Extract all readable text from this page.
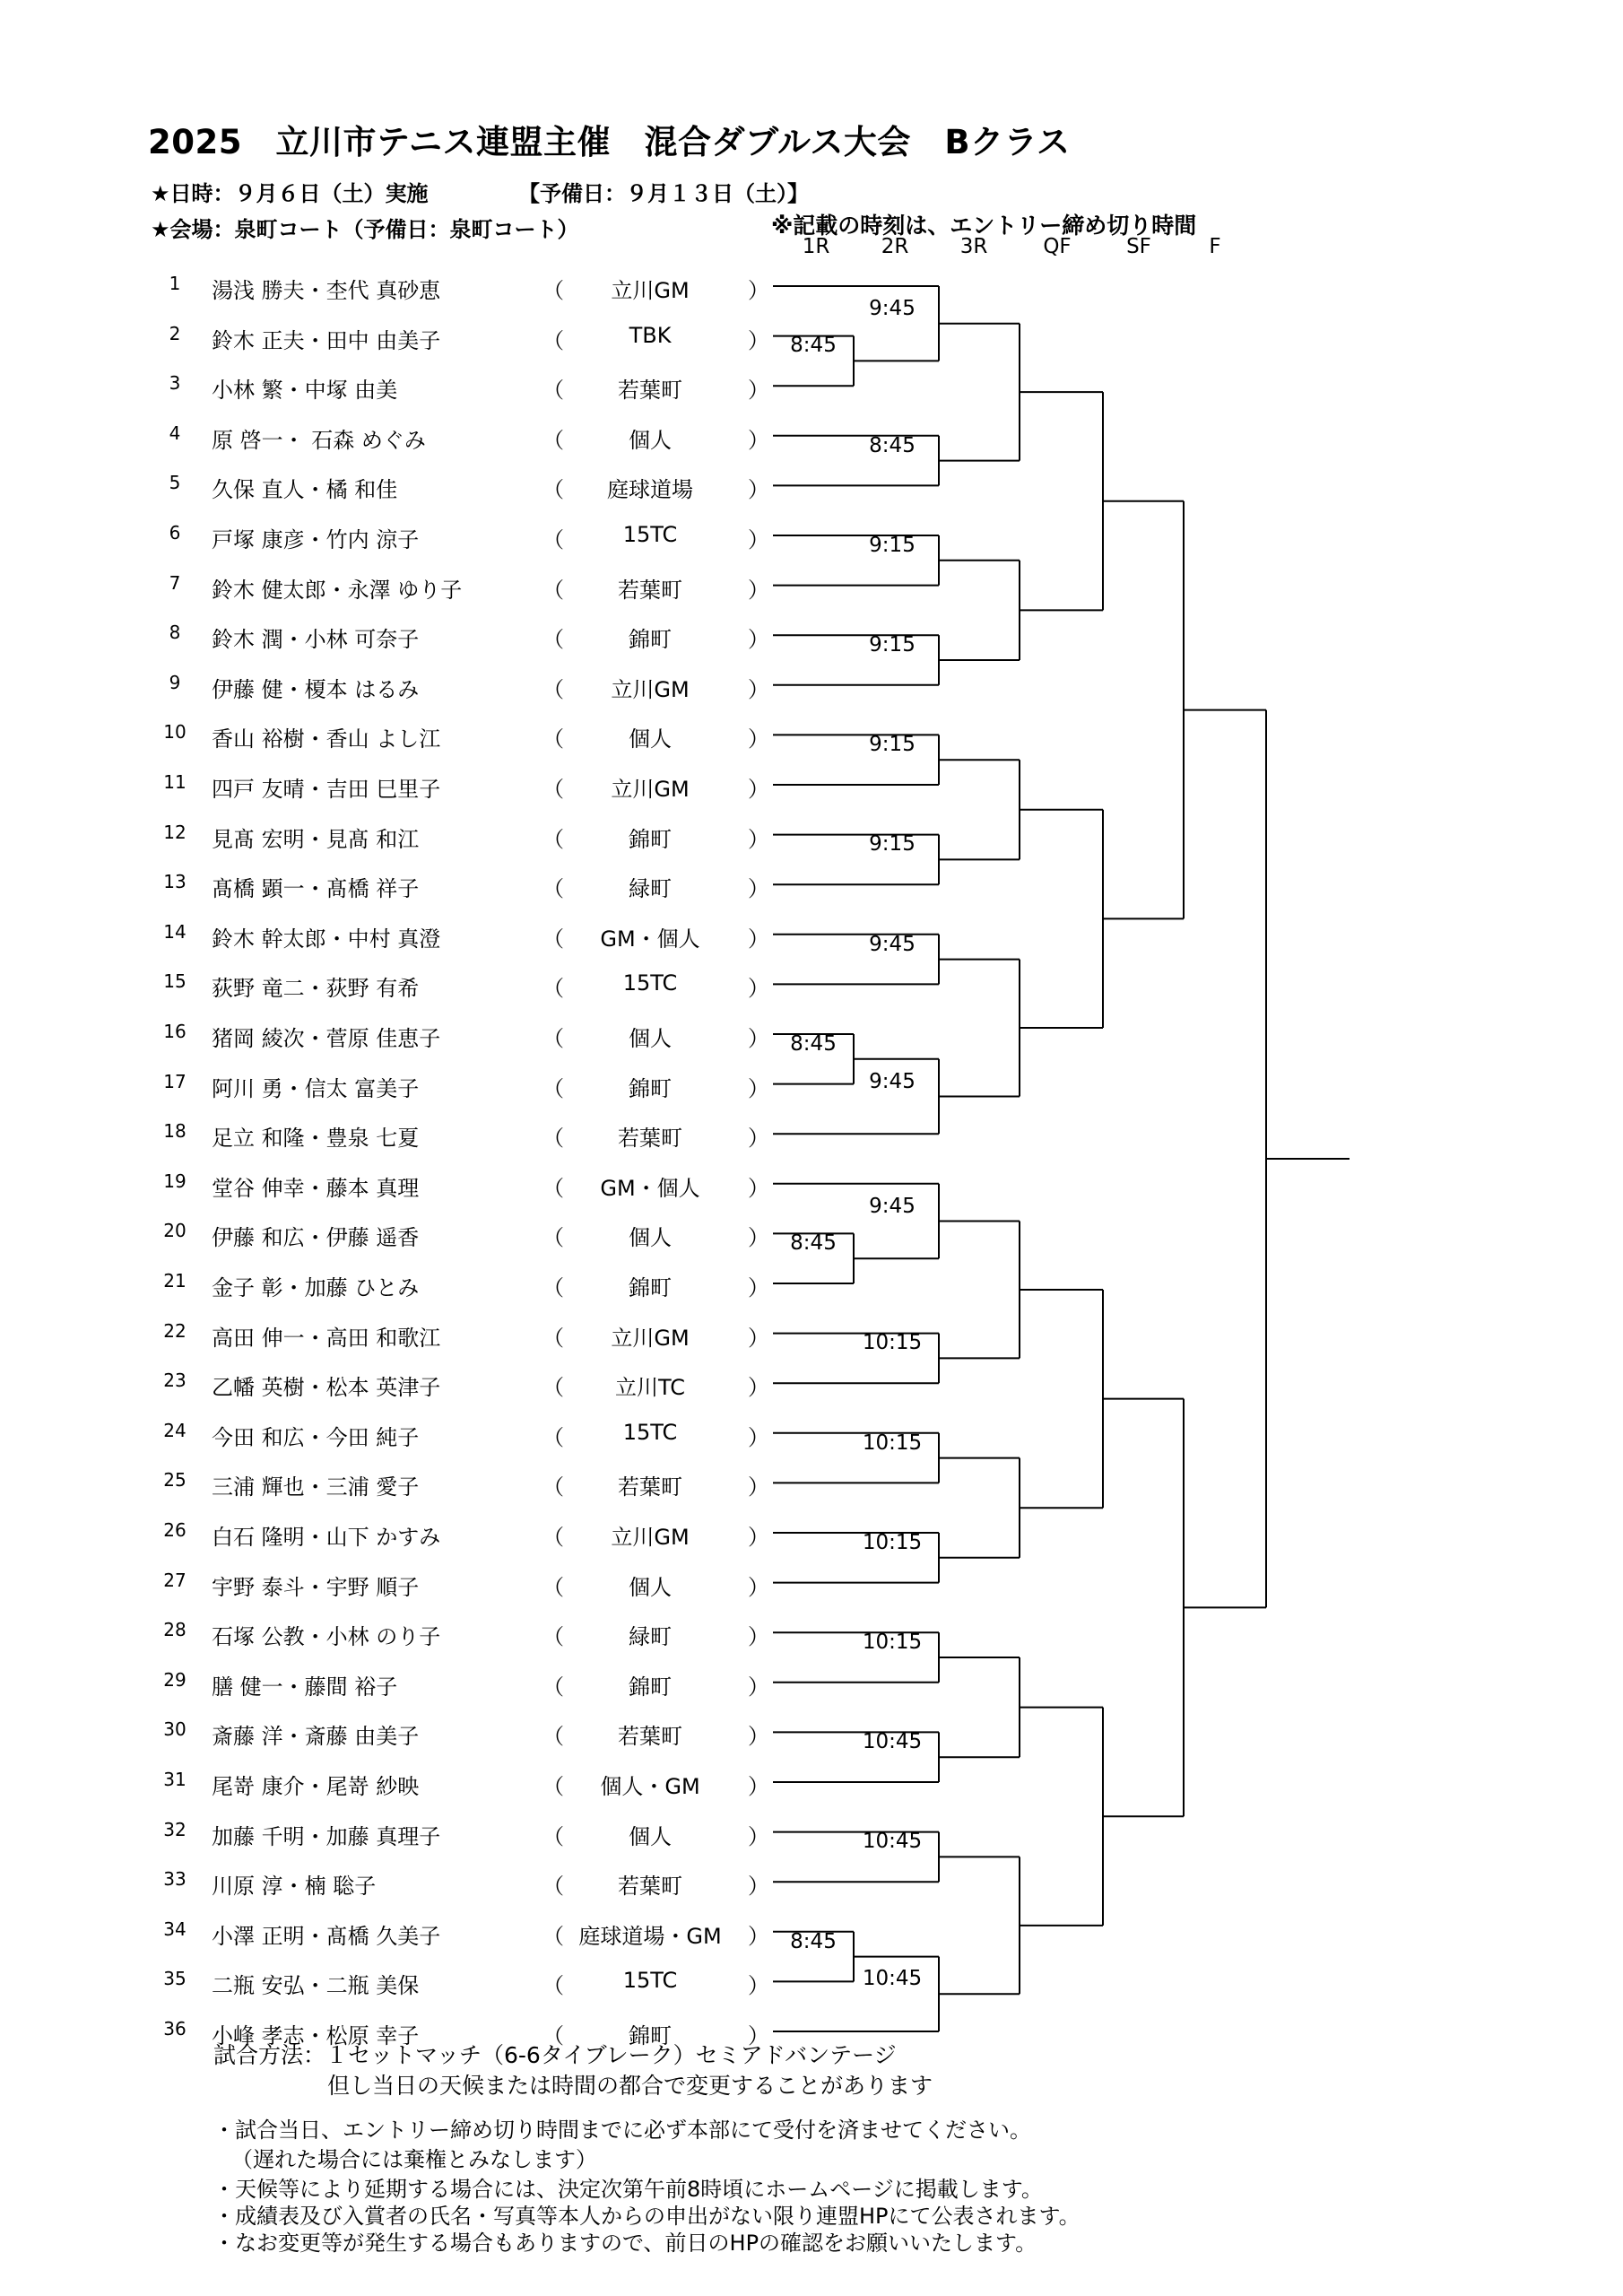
2025　立川市テニス連盟主催　混合ダブルス大会　Bクラス
★日時：９月６日（土）実施	【予備日：９月１３日（土）】
★会場：泉町コート（予備日：泉町コート）	※記載の時刻は、エントリー締め切り時間
1R	2R	3R	QF	SF	F
1	湯浅 勝夫・杢代 真砂恵	（	立川GM	）
2	鈴木 正夫・田中 由美子	（	TBK	）
3	小林 繁・中塚 由美	（	若葉町	）
4	原 啓一・ 石森 めぐみ	（	個人	）
5	久保 直人・橘 和佳	（	庭球道場	）
6	戸塚 康彦・竹内 涼子	（	15TC	）
7	鈴木 健太郎・永澤 ゆり子	（	若葉町	）
8	鈴木 潤・小林 可奈子	（	錦町	）
9	伊藤 健・榎本 はるみ	（	立川GM	）
10	香山 裕樹・香山 よし江	（	個人	）
11	四戸 友晴・吉田 巳里子	（	立川GM	）
12	見髙 宏明・見髙 和江	（	錦町	）
13	髙橋 顕一・髙橋 祥子	（	緑町	）
14	鈴木 幹太郎・中村 真澄	（	GM・個人	）
15	荻野 竜二・荻野 有希	（	15TC	）
16	猪岡 綾次・菅原 佳恵子	（	個人	）
17	阿川 勇・信太 富美子	（	錦町	）
18	足立 和隆・豊泉 七夏	（	若葉町	）
19	堂谷 伸幸・藤本 真理	（	GM・個人	）
20	伊藤 和広・伊藤 遥香	（	個人	）
21	金子 彰・加藤 ひとみ	（	錦町	）
22	高田 伸一・高田 和歌江	（	立川GM	）
23	乙幡 英樹・松本 英津子	（	立川TC	）
24	今田 和広・今田 純子	（	15TC	）
25	三浦 輝也・三浦 愛子	（	若葉町	）
26	白石 隆明・山下 かすみ	（	立川GM	）
27	宇野 泰斗・宇野 順子	（	個人	）
28	石塚 公教・小林 のり子	（	緑町	）
29	膳 健一・藤間 裕子	（	錦町	）
30	斎藤 洋・斎藤 由美子	（	若葉町	）
31	尾嵜 康介・尾嵜 紗映	（	個人・GM	）
32	加藤 千明・加藤 真理子	（	個人	）
33	川原 淳・楠 聡子	（	若葉町	）
34	小澤 正明・髙橋 久美子	（ 庭球道場・GM ）
35	二瓶 安弘・二瓶 美保	（	15TC	）
36	小峰 孝志・松原 幸子	（	錦町	）
8:45
8:45
8:45
8:45
9:45
8:45
9:15
9:15
9:15
9:15
9:45
9:45
9:45
10:15
10:15
10:15
10:15
10:45
10:45
10:45
試合方法：１セットマッチ（6-6タイブレーク）セミアドバンテージ
但し当日の天候または時間の都合で変更することがあります
・試合当日、エントリー締め切り時間までに必ず本部にて受付を済ませてください。
（遅れた場合には棄権とみなします）
・天候等により延期する場合には、決定次第午前8時頃にホームページに掲載します。
・成績表及び入賞者の氏名・写真等本人からの申出がない限り連盟HPにて公表されます。
・なお変更等が発生する場合もありますので、前日のHPの確認をお願いいたします。
